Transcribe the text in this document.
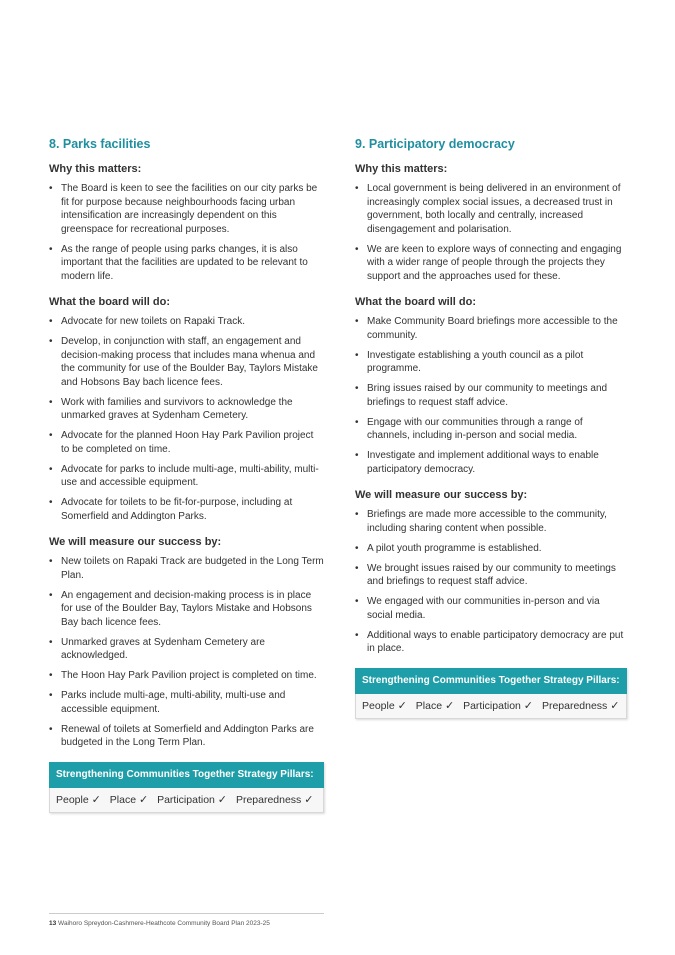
8. Parks facilities
Why this matters:
• The Board is keen to see the facilities on our city parks be fit for purpose because neighbourhoods facing urban intensification are increasingly dependent on this greenspace for recreational purposes.
• As the range of people using parks changes, it is also important that the facilities are updated to be relevant to modern life.
What the board will do:
• Advocate for new toilets on Rapaki Track.
• Develop, in conjunction with staff, an engagement and decision-making process that includes mana whenua and the community for use of the Boulder Bay, Taylors Mistake and Hobsons Bay bach licence fees.
• Work with families and survivors to acknowledge the unmarked graves at Sydenham Cemetery.
• Advocate for the planned Hoon Hay Park Pavilion project to be completed on time.
• Advocate for parks to include multi-age, multi-ability, multi-use and accessible equipment.
• Advocate for toilets to be fit-for-purpose, including at Somerfield and Addington Parks.
We will measure our success by:
• New toilets on Rapaki Track are budgeted in the Long Term Plan.
• An engagement and decision-making process is in place for use of the Boulder Bay, Taylors Mistake and Hobsons Bay bach licence fees.
• Unmarked graves at Sydenham Cemetery are acknowledged.
• The Hoon Hay Park Pavilion project is completed on time.
• Parks include multi-age, multi-ability, multi-use and accessible equipment.
• Renewal of toilets at Somerfield and Addington Parks are budgeted in the Long Term Plan.
Strengthening Communities Together Strategy Pillars:
People ✓ Place ✓ Participation ✓ Preparedness ✓
9. Participatory democracy
Why this matters:
• Local government is being delivered in an environment of increasingly complex social issues, a decreased trust in government, both locally and centrally, increased disengagement and polarisation.
• We are keen to explore ways of connecting and engaging with a wider range of people through the projects they support and the approaches used for these.
What the board will do:
• Make Community Board briefings more accessible to the community.
• Investigate establishing a youth council as a pilot programme.
• Bring issues raised by our community to meetings and briefings to request staff advice.
• Engage with our communities through a range of channels, including in-person and social media.
• Investigate and implement additional ways to enable participatory democracy.
We will measure our success by:
• Briefings are made more accessible to the community, including sharing content when possible.
• A pilot youth programme is established.
• We brought issues raised by our community to meetings and briefings to request staff advice.
• We engaged with our communities in-person and via social media.
• Additional ways to enable participatory democracy are put in place.
Strengthening Communities Together Strategy Pillars:
People ✓ Place ✓ Participation ✓ Preparedness ✓
13 Waihoro Spreydon-Cashmere-Heathcote Community Board Plan 2023-25
